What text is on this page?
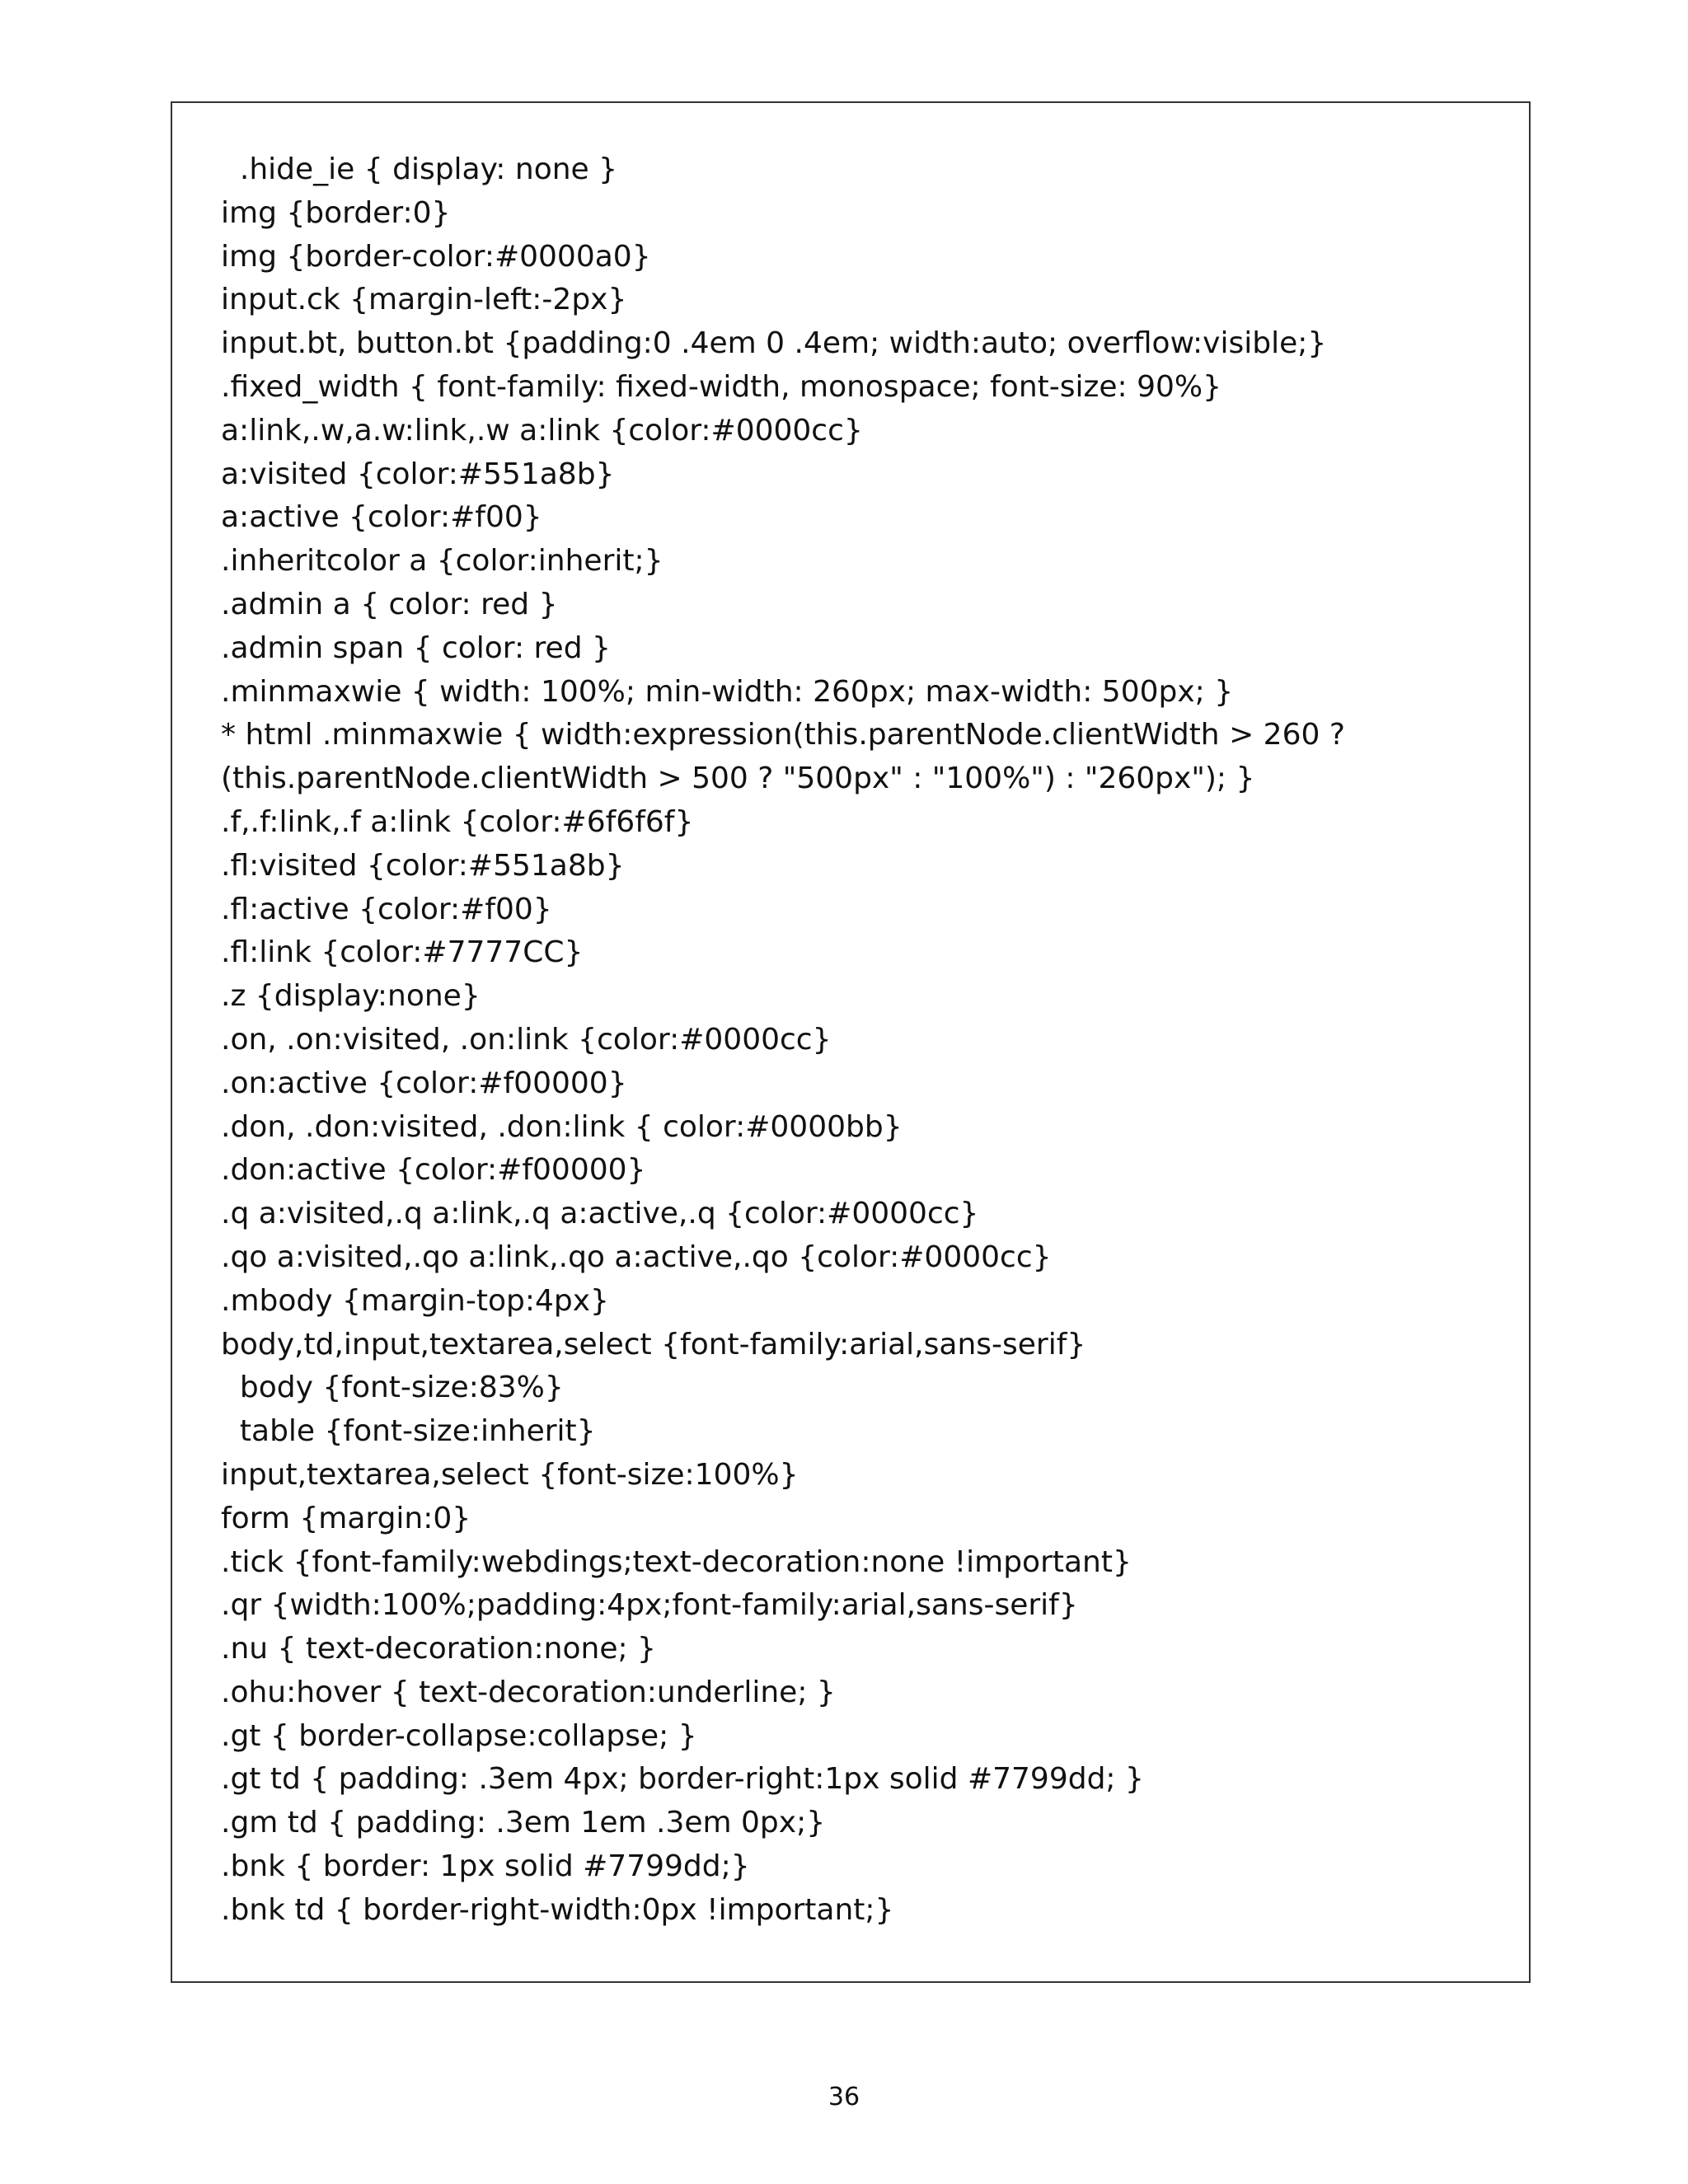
.hide_ie { display: none }
img {border:0}
img {border-color:#0000a0}
input.ck {margin-left:-2px}
input.bt, button.bt {padding:0 .4em 0 .4em; width:auto; overflow:visible;}
.fixed_width { font-family: fixed-width, monospace; font-size: 90%}
a:link,.w,a.w:link,.w a:link {color:#0000cc}
a:visited {color:#551a8b}
a:active {color:#f00}
.inheritcolor a {color:inherit;}
.admin a { color: red }
.admin span { color: red }
.minmaxwie { width: 100%; min-width: 260px; max-width: 500px; }
* html .minmaxwie { width:expression(this.parentNode.clientWidth > 260 ?
(this.parentNode.clientWidth > 500 ? "500px" : "100%") : "260px"); }
.f,.f:link,.f a:link {color:#6f6f6f}
.fl:visited {color:#551a8b}
.fl:active {color:#f00}
.fl:link {color:#7777CC}
.z {display:none}
.on, .on:visited, .on:link {color:#0000cc}
.on:active {color:#f00000}
.don, .don:visited, .don:link { color:#0000bb}
.don:active {color:#f00000}
.q a:visited,.q a:link,.q a:active,.q {color:#0000cc}
.qo a:visited,.qo a:link,.qo a:active,.qo {color:#0000cc}
.mbody {margin-top:4px}
body,td,input,textarea,select {font-family:arial,sans-serif}
body {font-size:83%}
table {font-size:inherit}
input,textarea,select {font-size:100%}
form {margin:0}
.tick {font-family:webdings;text-decoration:none !important}
.qr {width:100%;padding:4px;font-family:arial,sans-serif}
.nu { text-decoration:none; }
.ohu:hover { text-decoration:underline; }
.gt { border-collapse:collapse; }
.gt td { padding: .3em 4px; border-right:1px solid #7799dd; }
.gm td { padding: .3em 1em .3em 0px;}
.bnk { border: 1px solid #7799dd;}
.bnk td { border-right-width:0px !important;}
36
